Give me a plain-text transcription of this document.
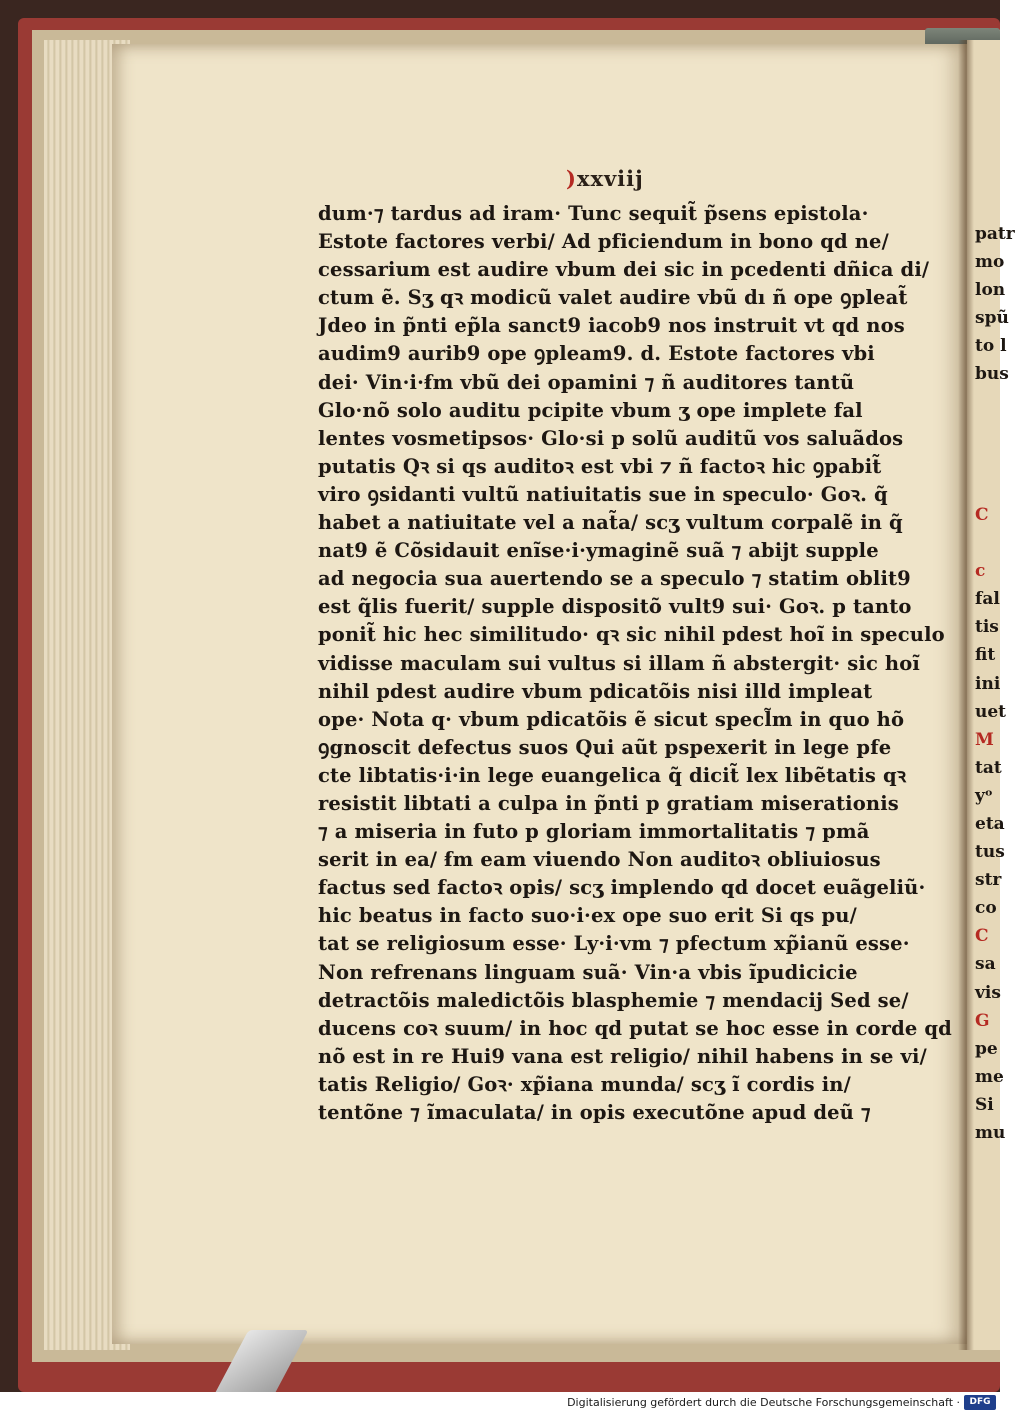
)xxviij
dum·⁊ tardus ad iram· Tunc sequit̃ p̃sens epistola·
Estote factores verbi/ Ad pficiendum in bono qd ne/
cessarium est audire vbum dei sic in pcedenti dñica di/
ctum ẽ. Sʒ qꝛ modicũ valet audire vbũ dı ñ ope ꝯpleat̃
Jdeo in p̃nti ep̃la sanct9 iacob9 nos instruit vt qd nos
audim9 aurib9 ope ꝯpleam9. d. Estote factores vbi
dei· Vin·i·ẜm vbũ dei opamini ⁊ ñ auditores tantũ
Glo·nõ solo auditu pcipite vbum ʒ ope implete fal
lentes vosmetipsos· Glo·si p solũ auditũ vos saluãdos
putatis Qꝛ si qs auditoꝛ est vbi ⁊ ñ factoꝛ hic ꝯpabit̃
viro ꝯsidanti vultũ natiuitatis sue in speculo· Goꝛ. q̃
habet a natiuitate vel a nat̃a/ scʒ vultum corpalẽ in q̃
nat9 ẽ Cõsidauit enĩse·i·ymaginẽ suã ⁊ abijt supple
ad negocia sua auertendo se a speculo ⁊ statim oblit9
est q̃lis fuerit/ supple dispositõ vult9 sui· Goꝛ. p tanto
ponit̃ hic hec similitudo· qꝛ sic nihil pdest hoĩ in speculo
vidisse maculam sui vultus si illam ñ abstergit· sic hoĩ
nihil pdest audire vbum pdicatõis nisi illd impleat
ope· Nota q· vbum pdicatõis ẽ sicut specl̃m in quo hõ
ꝯgnoscit defectus suos Qui aũt pspexerit in lege pfe
cte libtatis·i·in lege euangelica q̃ dicit̃ lex libẽtatis qꝛ
resistit libtati a culpa in p̃nti p gratiam miserationis
⁊ a miseria in futo p gloriam immortalitatis ⁊ pmã
serit in ea/ ẜm eam viuendo Non auditoꝛ obliuiosus
factus sed factoꝛ opis/ scʒ implendo qd docet euãgeliũ·
hic beatus in facto suo·i·ex ope suo erit Si qs pu/
tat se religiosum esse· Ly·i·vm ⁊ pfectum xp̃ianũ esse·
Non refrenans linguam suã· Vin·a vbis ĩpudicicie
detractõis maledictõis blasphemie ⁊ mendacij Sed se/
ducens coꝛ suum/ in hoc qd putat se hoc esse in corde qd
nõ est in re Hui9 vana est religio/ nihil habens in se vi/
tatis Religio/ Goꝛ· xp̃iana munda/ scʒ ĩ cordis in/
tentõne ⁊ ĩmaculata/ in opis executõne apud deũ ⁊
patr
mo
lon
spũ
to l
bus
C
c
fal
tis
fit
ini
uet
M
tat
yᵒ
eta
tus
str
co
C
sa
vis
G
pe
me
Si
mu
Digitalisierung gefördert durch die Deutsche Forschungsgemeinschaft ·	DFG
